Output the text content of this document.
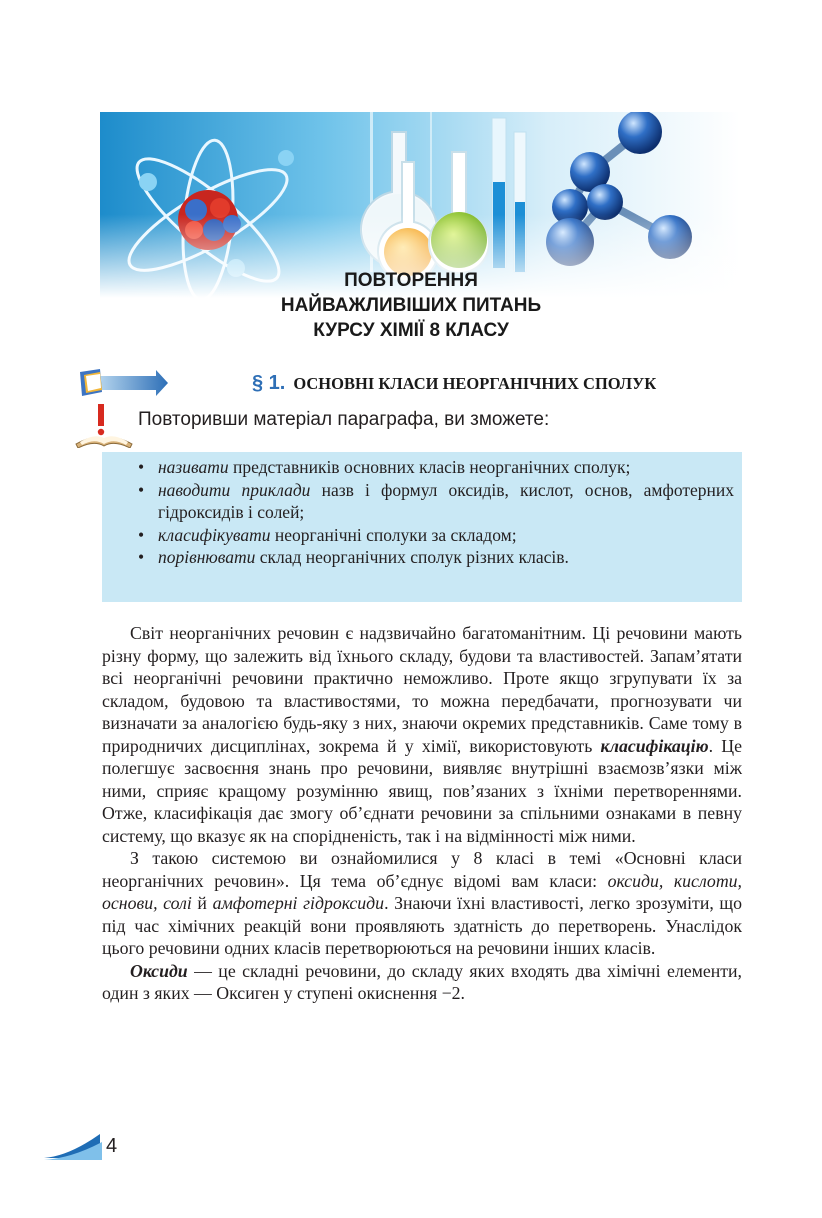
ПОВТОРЕННЯ
НАЙВАЖЛИВІШИХ ПИТАНЬ
КУРСУ ХІМІЇ 8 КЛАСУ
§ 1. ОСНОВНІ КЛАСИ НЕОРГАНІЧНИХ СПОЛУК
Повторивши матеріал параграфа, ви зможете:
• називати представників основних класів неорганічних сполук;
• наводити приклади назв і формул оксидів, кислот, основ, амфотерних гідроксидів і солей;
• класифікувати неорганічні сполуки за складом;
• порівнювати склад неорганічних сполук різних класів.

Світ неорганічних речовин є надзвичайно багатоманітним. Ці речовини мають різну форму, що залежить від їхнього складу, будови та властивостей. Запам’ятати всі неорганічні речовини практично неможливо. Проте якщо згрупувати їх за складом, будовою та властивостями, то можна передбачати, прогнозувати чи визначати за аналогією будь-яку з них, знаючи окремих представників. Саме тому в природничих дисциплінах, зокрема й у хімії, використовують класифікацію. Це полегшує засвоєння знань про речовини, виявляє внутрішні взаємозв’язки між ними, сприяє кращому розумінню явищ, пов’язаних з їхніми перетвореннями. Отже, класифікація дає змогу об’єднати речовини за спільними ознаками в певну систему, що вказує як на спорідненість, так і на відмінності між ними.

З такою системою ви ознайомилися у 8 класі в темі «Основні класи неорганічних речовин». Ця тема об’єднує відомі вам класи: оксиди, кислоти, основи, солі й амфотерні гідроксиди. Знаючи їхні властивості, легко зрозуміти, що під час хімічних реакцій вони проявляють здатність до перетворень. Унаслідок цього речовини одних класів перетворюються на речовини інших класів.

Оксиди — це складні речовини, до складу яких входять два хімічні елементи, один з яких — Оксиген у ступені окиснення −2.

4
